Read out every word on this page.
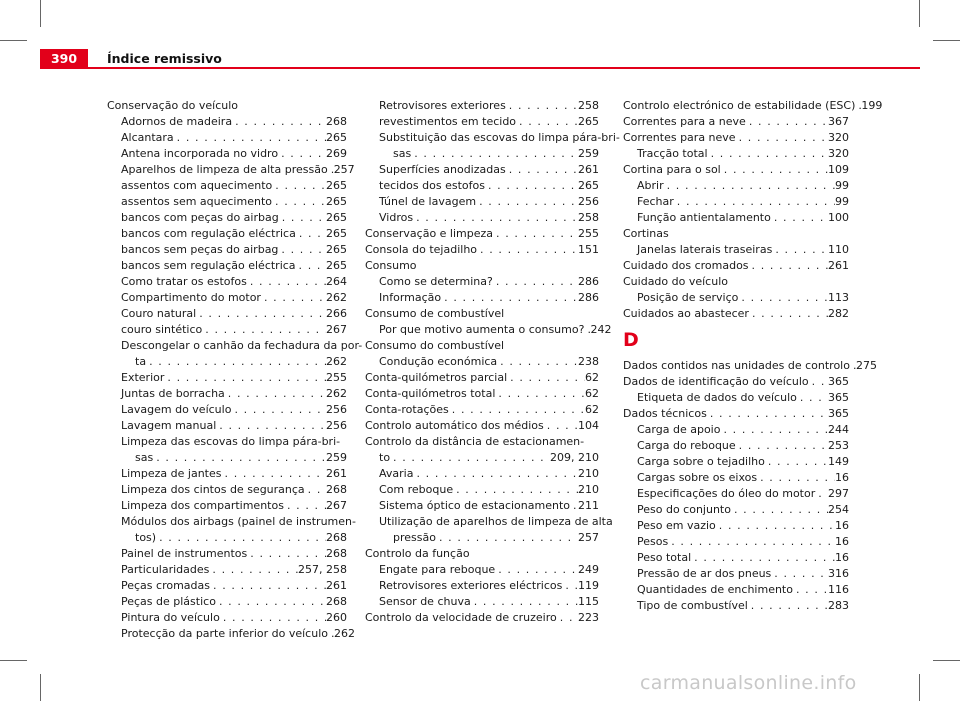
390	Índice remissivo
Conservação do veículo
Adornos de madeira . . .	268
Alcantara . . .	265
Antena incorporada no vidro . . .	269
Aparelhos de limpeza de alta pressão . . . 257
assentos com aquecimento . . .	265
assentos sem aquecimento . . .	265
bancos com peças do airbag . . .	265
bancos com regulação eléctrica . . .	265
bancos sem peças do airbag . . .	265
bancos sem regulação eléctrica . . .	265
Como tratar os estofos . . .	264
Compartimento do motor . . .	262
Couro natural . . .	266
couro sintético . . .	267
Descongelar o canhão da fechadura da por-
ta . . .	262
Exterior . . .	255
Juntas de borracha . . .	262
Lavagem do veículo . . .	256
Lavagem manual . . .	256
Limpeza das escovas do limpa pára-bri-
sas . . .	259
Limpeza de jantes . . .	261
Limpeza dos cintos de segurança . . . 268
Limpeza dos compartimentos . . .	267
Módulos dos airbags (painel de instrumen-
tos) . . .	268
Painel de instrumentos . . .	268
Particularidades . . .	257, 258
Peças cromadas . . .	261
Peças de plástico . . .	268
Pintura do veículo . . .	260
Protecção da parte inferior do veículo . . . 262
Retrovisores exteriores . . .	258
revestimentos em tecido . . .	265
Substituição das escovas do limpa pára-bri-
sas . . .	259
Superfícies anodizadas . . .	261
tecidos dos estofos . . .	265
Túnel de lavagem . . .	256
Vidros . . .	258
Conservação e limpeza . . .	255
Consola do tejadilho . . .	151
Consumo
Como se determina? . . .	286
Informação . . .	286
Consumo de combustível
Por que motivo aumenta o consumo? . . . 242
Consumo do combustível
Condução económica . . .	238
Conta-quilómetros parcial . . .	62
Conta-quilómetros total . . .	62
Conta-rotações . . .	62
Controlo automático dos médios . . .	104
Controlo da distância de estacionamen-
to . . .	209, 210
Avaria . . .	210
Com reboque . . .	210
Sistema óptico de estacionamento . . . 211
Utilização de aparelhos de limpeza de alta
pressão . . .	257
Controlo da função
Engate para reboque . . .	249
Retrovisores exteriores eléctricos . . . 119
Sensor de chuva . . .	115
Controlo da velocidade de cruzeiro . . . 223
Controlo electrónico de estabilidade (ESC) . . . 199
Correntes para a neve . . .	367
Correntes para neve . . .	320
Tracção total . . .	320
Cortina para o sol . . .	109
Abrir . . .	99
Fechar . . .	99
Função antientalamento . . .	100
Cortinas
Janelas laterais traseiras . . .	110
Cuidado dos cromados . . .	261
Cuidado do veículo
Posição de serviço . . .	113
Cuidados ao abastecer . . .	282
D
Dados contidos nas unidades de controlo . . . 275
Dados de identificação do veículo . . . 365
Etiqueta de dados do veículo . . .	365
Dados técnicos . . .	365
Carga de apoio . . .	244
Carga do reboque . . .	253
Carga sobre o tejadilho . . .	149
Cargas sobre os eixos . . .	16
Especificações do óleo do motor . . . 297
Peso do conjunto . . .	254
Peso em vazio . . .	16
Pesos . . .	16
Peso total . . .	16
Pressão de ar dos pneus . . .	316
Quantidades de enchimento . . .	116
Tipo de combustível . . .	283
carmanualsonline.info
